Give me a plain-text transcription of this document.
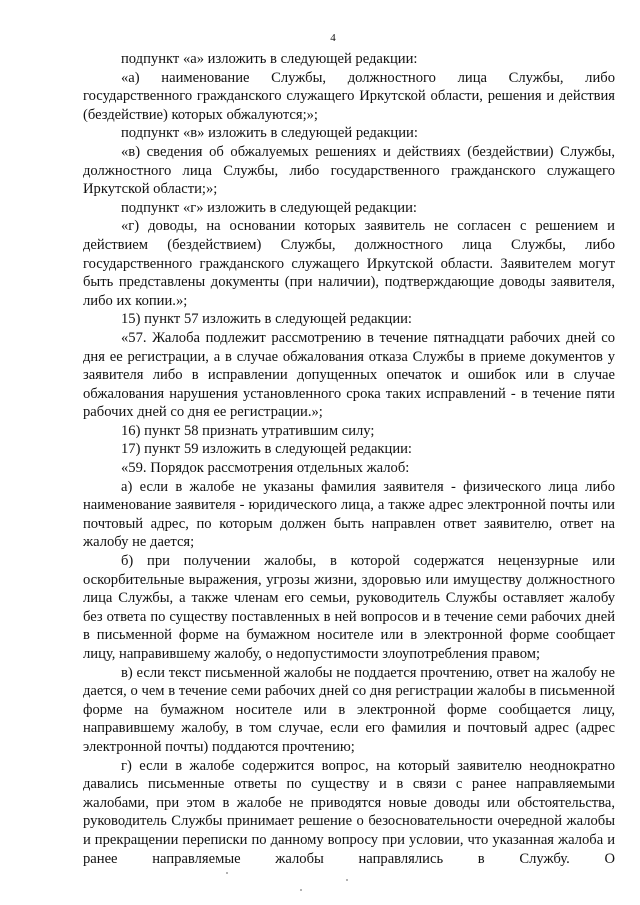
4

подпункт «а» изложить в следующей редакции:

«а) наименование Службы, должностного лица Службы, либо государственного гражданского служащего Иркутской области, решения и действия (бездействие) которых обжалуются;»;

подпункт «в» изложить в следующей редакции:

«в) сведения об обжалуемых решениях и действиях (бездействии) Службы, должностного лица Службы, либо государственного гражданского служащего Иркутской области;»;

подпункт «г» изложить в следующей редакции:

«г) доводы, на основании которых заявитель не согласен с решением и действием (бездействием) Службы, должностного лица Службы, либо государственного гражданского служащего Иркутской области. Заявителем могут быть представлены документы (при наличии), подтверждающие доводы заявителя, либо их копии.»;

15) пункт 57 изложить в следующей редакции:

«57. Жалоба подлежит рассмотрению в течение пятнадцати рабочих дней со дня ее регистрации, а в случае обжалования отказа Службы в приеме документов у заявителя либо в исправлении допущенных опечаток и ошибок или в случае обжалования нарушения установленного срока таких исправлений - в течение пяти рабочих дней со дня ее регистрации.»;

16) пункт 58 признать утратившим силу;

17) пункт 59 изложить в следующей редакции:

«59. Порядок рассмотрения отдельных жалоб:

а) если в жалобе не указаны фамилия заявителя - физического лица либо наименование заявителя - юридического лица, а также адрес электронной почты или почтовый адрес, по которым должен быть направлен ответ заявителю, ответ на жалобу не дается;

б) при получении жалобы, в которой содержатся нецензурные или оскорбительные выражения, угрозы жизни, здоровью или имуществу должностного лица Службы, а также членам его семьи, руководитель Службы оставляет жалобу без ответа по существу поставленных в ней вопросов и в течение семи рабочих дней в письменной форме на бумажном носителе или в электронной форме сообщает лицу, направившему жалобу, о недопустимости злоупотребления правом;

в) если текст письменной жалобы не поддается прочтению, ответ на жалобу не дается, о чем в течение семи рабочих дней со дня регистрации жалобы в письменной форме на бумажном носителе или в электронной форме сообщается лицу, направившему жалобу, в том случае, если его фамилия и почтовый адрес (адрес электронной почты) поддаются прочтению;

г) если в жалобе содержится вопрос, на который заявителю неоднократно давались письменные ответы по существу и в связи с ранее направляемыми жалобами, при этом в жалобе не приводятся новые доводы или обстоятельства, руководитель Службы принимает решение о безосновательности очередной жалобы и прекращении переписки по данному вопросу при условии, что указанная жалоба и ранее направляемые жалобы направлялись в Службу. О
